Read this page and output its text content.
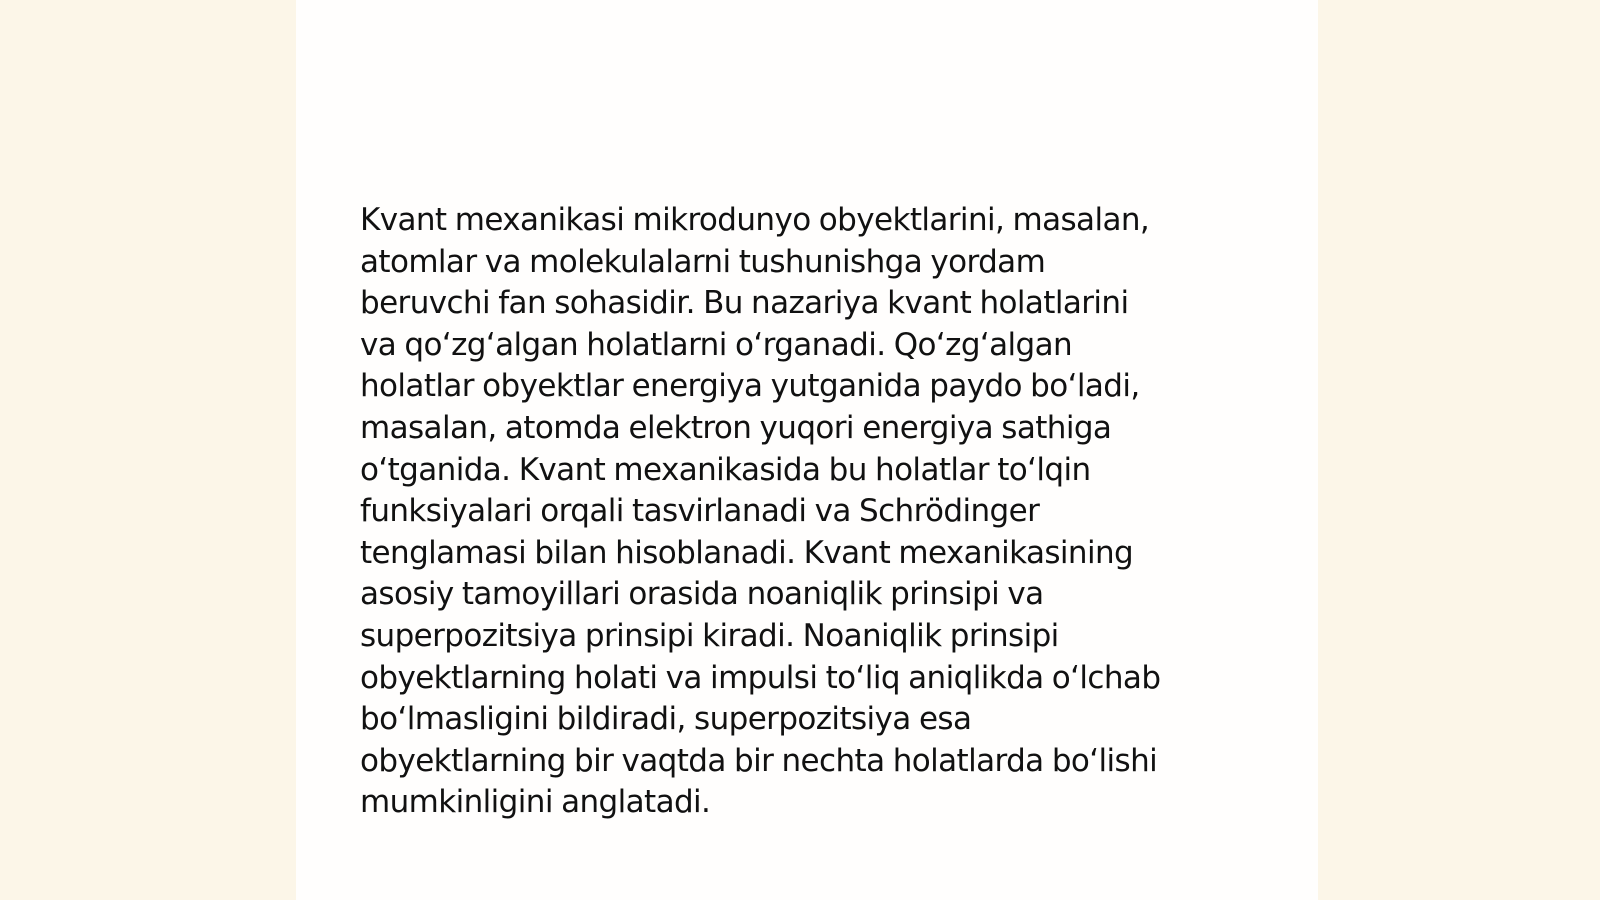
Kvant mexanikasi mikrodunyo obyektlarini, masalan,
atomlar va molekulalarni tushunishga yordam
beruvchi fan sohasidir. Bu nazariya kvant holatlarini
va qo‘zg‘algan holatlarni o‘rganadi. Qo‘zg‘algan
holatlar obyektlar energiya yutganida paydo bo‘ladi,
masalan, atomda elektron yuqori energiya sathiga
o‘tganida. Kvant mexanikasida bu holatlar to‘lqin
funksiyalari orqali tasvirlanadi va Schrödinger
tenglamasi bilan hisoblanadi. Kvant mexanikasining
asosiy tamoyillari orasida noaniqlik prinsipi va
superpozitsiya prinsipi kiradi. Noaniqlik prinsipi
obyektlarning holati va impulsi to‘liq aniqlikda o‘lchab
bo‘lmasligini bildiradi, superpozitsiya esa
obyektlarning bir vaqtda bir nechta holatlarda bo‘lishi
mumkinligini anglatadi.
